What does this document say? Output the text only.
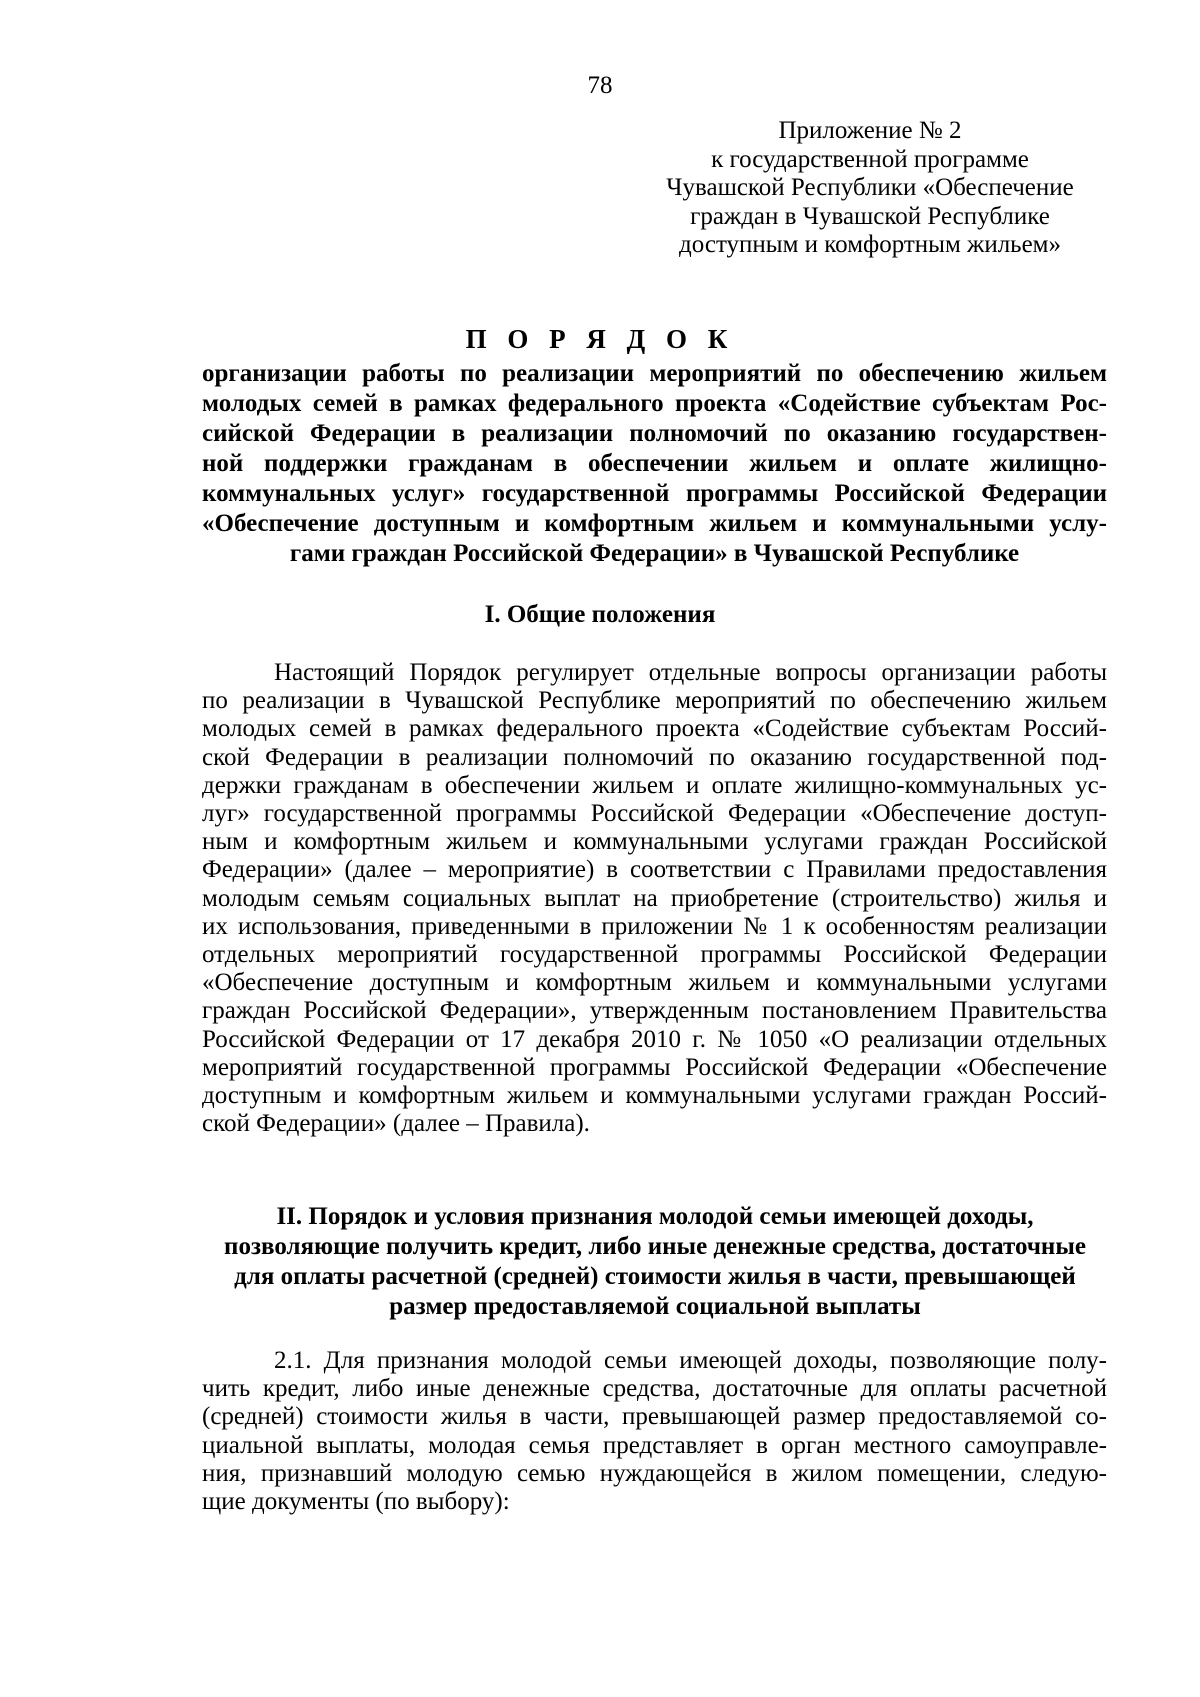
78
Приложение № 2
к государственной программе
Чувашской Республики «Обеспечение
граждан в Чувашской Республике
доступным и комфортным жильем»
П О Р Я Д О К
организации работы по реализации мероприятий по обеспечению жильем
молодых семей в рамках федерального проекта «Содействие субъектам Рос-
сийской Федерации в реализации полномочий по оказанию государствен-
ной поддержки гражданам в обеспечении жильем и оплате жилищно-
коммунальных услуг» государственной программы Российской Федерации
«Обеспечение доступным и комфортным жильем и коммунальными услу-
гами граждан Российской Федерации» в Чувашской Республике
I. Общие положения
Настоящий Порядок регулирует отдельные вопросы организации работы
по реализации в Чувашской Республике мероприятий по обеспечению жильем
молодых семей в рамках федерального проекта «Содействие субъектам Россий-
ской Федерации в реализации полномочий по оказанию государственной под-
держки гражданам в обеспечении жильем и оплате жилищно-коммунальных ус-
луг» государственной программы Российской Федерации «Обеспечение доступ-
ным и комфортным жильем и коммунальными услугами граждан Российской
Федерации» (далее – мероприятие) в соответствии с Правилами предоставления
молодым семьям социальных выплат на приобретение (строительство) жилья и
их использования, приведенными в приложении № 1 к особенностям реализации
отдельных мероприятий государственной программы Российской Федерации
«Обеспечение доступным и комфортным жильем и коммунальными услугами
граждан Российской Федерации», утвержденным постановлением Правительства
Российской Федерации от 17 декабря 2010 г. № 1050 «О реализации отдельных
мероприятий государственной программы Российской Федерации «Обеспечение
доступным и комфортным жильем и коммунальными услугами граждан Россий-
ской Федерации» (далее – Правила).
II. Порядок и условия признания молодой семьи имеющей доходы,
позволяющие получить кредит, либо иные денежные средства, достаточные
для оплаты расчетной (средней) стоимости жилья в части, превышающей
размер предоставляемой социальной выплаты
2.1. Для признания молодой семьи имеющей доходы, позволяющие полу-
чить кредит, либо иные денежные средства, достаточные для оплаты расчетной
(средней) стоимости жилья в части, превышающей размер предоставляемой со-
циальной выплаты, молодая семья представляет в орган местного самоуправле-
ния, признавший молодую семью нуждающейся в жилом помещении, следую-
щие документы (по выбору):
